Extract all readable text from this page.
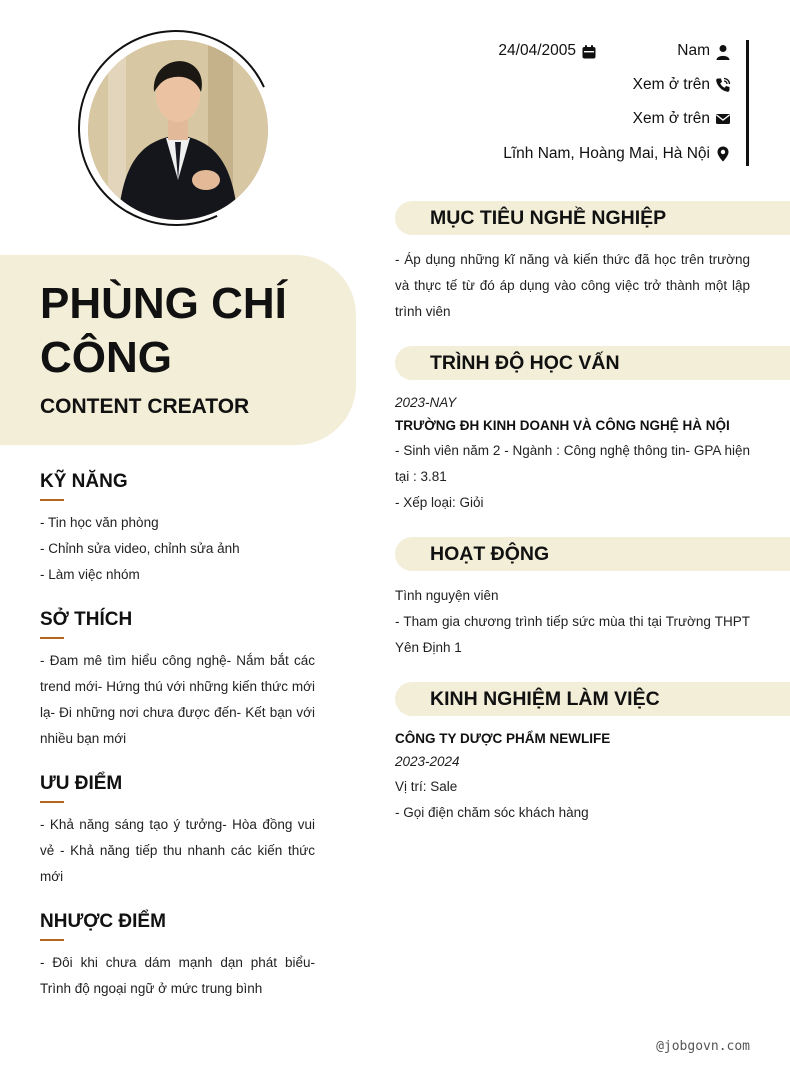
PHÙNG CHÍ CÔNG
CONTENT CREATOR
KỸ NĂNG
- Tin học văn phòng
- Chỉnh sửa video, chỉnh sửa ảnh
- Làm việc nhóm
SỞ THÍCH
- Đam mê tìm hiểu công nghệ- Nắm bắt các trend mới- Hứng thú với những kiến thức mới lạ- Đi những nơi chưa được đến- Kết bạn với nhiều bạn mới
ƯU ĐIỂM
- Khả năng sáng tạo ý tưởng- Hòa đồng vui vẻ - Khả năng tiếp thu nhanh các kiến thức mới
NHƯỢC ĐIỂM
- Đôi khi chưa dám mạnh dạn phát biểu- Trình độ ngoại ngữ ở mức trung bình
24/04/2005	Nam
Xem ở trên
Xem ở trên
Lĩnh Nam, Hoàng Mai, Hà Nội
MỤC TIÊU NGHỀ NGHIỆP
- Áp dụng những kĩ năng và kiến thức đã học trên trường và thực tế từ đó áp dụng vào công việc trở thành một lập trình viên
TRÌNH ĐỘ HỌC VẤN
2023-NAY
TRƯỜNG ĐH KINH DOANH VÀ CÔNG NGHỆ HÀ NỘI
- Sinh viên năm 2 - Ngành : Công nghệ thông tin- GPA hiện tại : 3.81
- Xếp loại: Giỏi
HOẠT ĐỘNG
Tình nguyện viên
- Tham gia chương trình tiếp sức mùa thi tại Trường THPT Yên Định 1
KINH NGHIỆM LÀM VIỆC
CÔNG TY DƯỢC PHẨM NEWLIFE
2023-2024
Vị trí: Sale
- Gọi điện chăm sóc khách hàng
@jobgovn.com
